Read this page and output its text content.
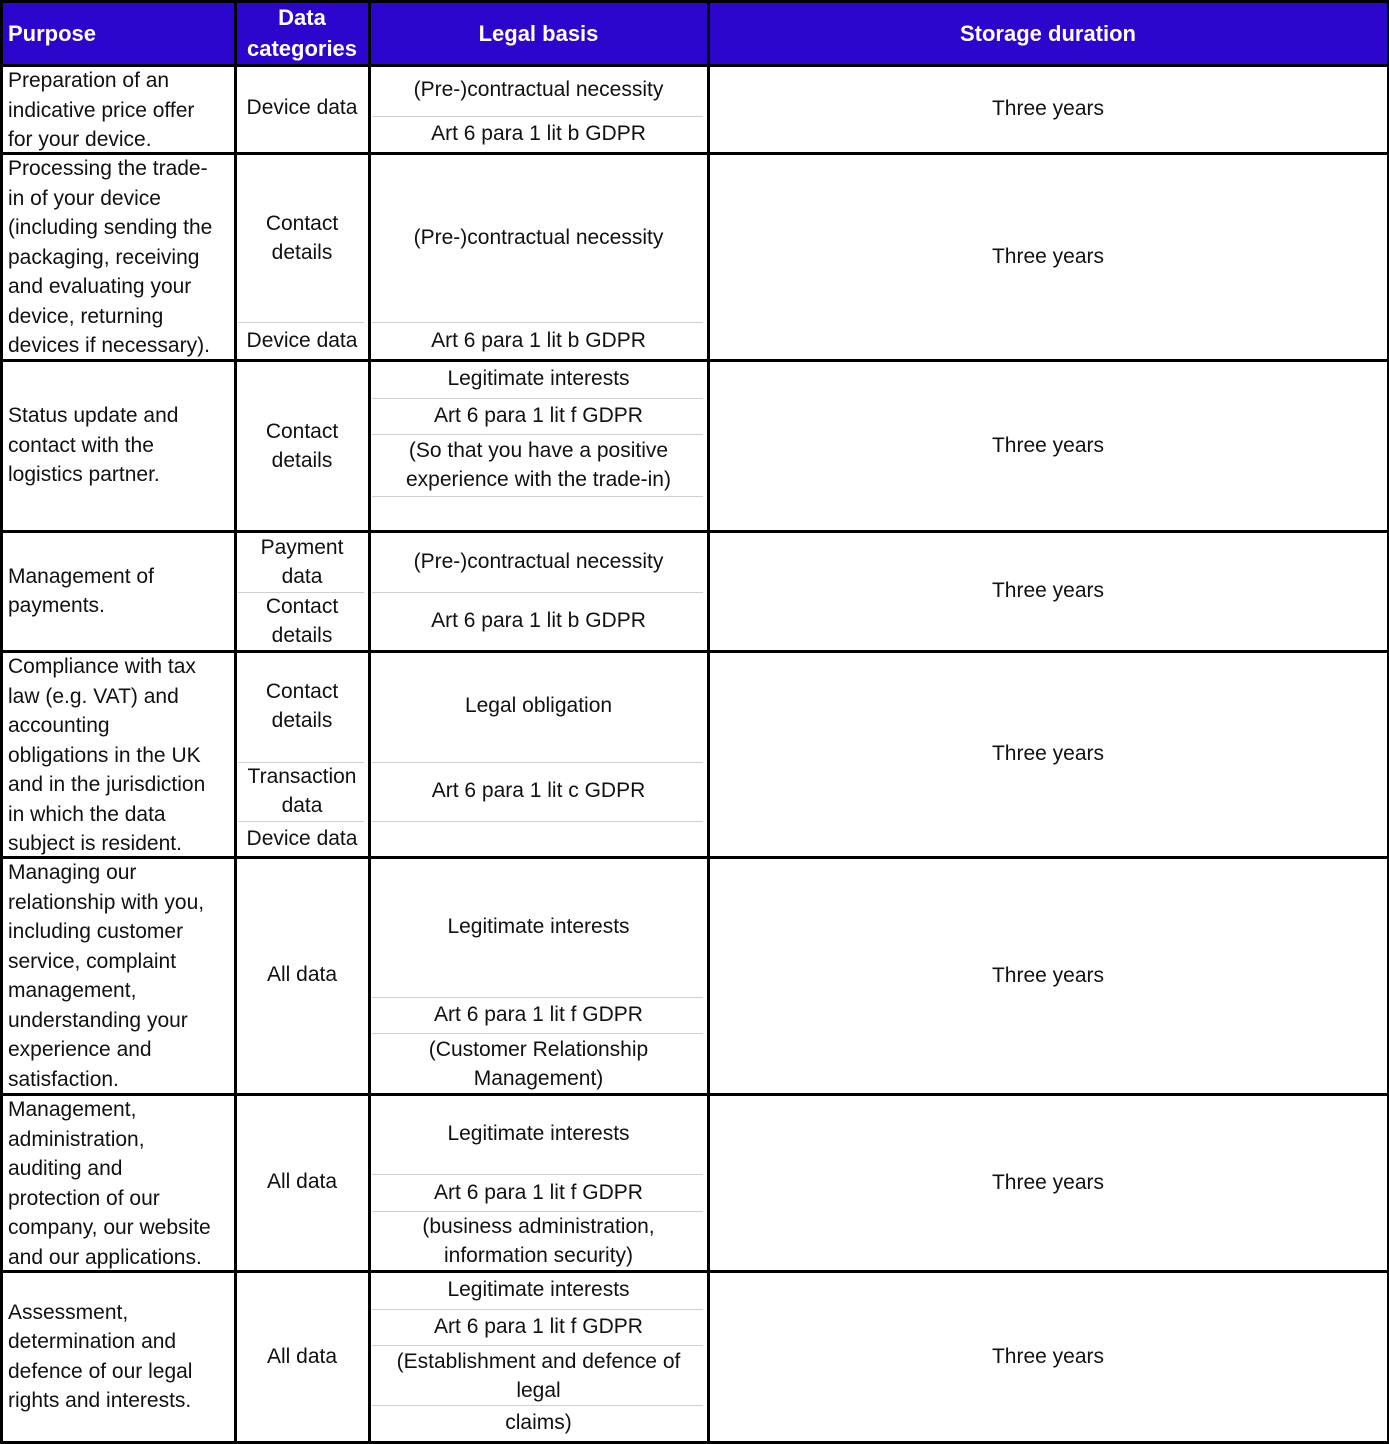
Purpose
Data
categories
Legal basis	Storage duration
Preparation of an
indicative price offer
for your device.
Device data
(Pre-)contractual necessity
Art 6 para 1 lit b GDPR
Three years
Processing the trade-
in of your device
(including sending the
packaging, receiving
and evaluating your
device, returning
devices if necessary).
Contact
details
Device data
(Pre-)contractual necessity
Art 6 para 1 lit b GDPR
Three years
Status update and
contact with the
logistics partner.
Contact
details
Legitimate interests
Art 6 para 1 lit f GDPR
(So that you have a positive
experience with the trade-in)
Three years
Management of
payments.
Payment
data
Contact
details
(Pre-)contractual necessity
Art 6 para 1 lit b GDPR
Three years
Compliance with tax
law (e.g. VAT) and
accounting
obligations in the UK
and in the jurisdiction
in which the data
subject is resident.
Contact
details
Transaction
data
Device data
Legal obligation
Art 6 para 1 lit c GDPR
Three years
Managing our
relationship with you,
including customer
service, complaint
management,
understanding your
experience and
satisfaction.
All data
Legitimate interests
Art 6 para 1 lit f GDPR
(Customer Relationship
Management)
Three years
Management,
administration,
auditing and
protection of our
company, our website
and our applications.
All data
Legitimate interests
Art 6 para 1 lit f GDPR
(business administration,
information security)
Three years
Assessment,
determination and
defence of our legal
rights and interests.
All data
Legitimate interests
Art 6 para 1 lit f GDPR
(Establishment and defence of
legal
claims)
Three years
